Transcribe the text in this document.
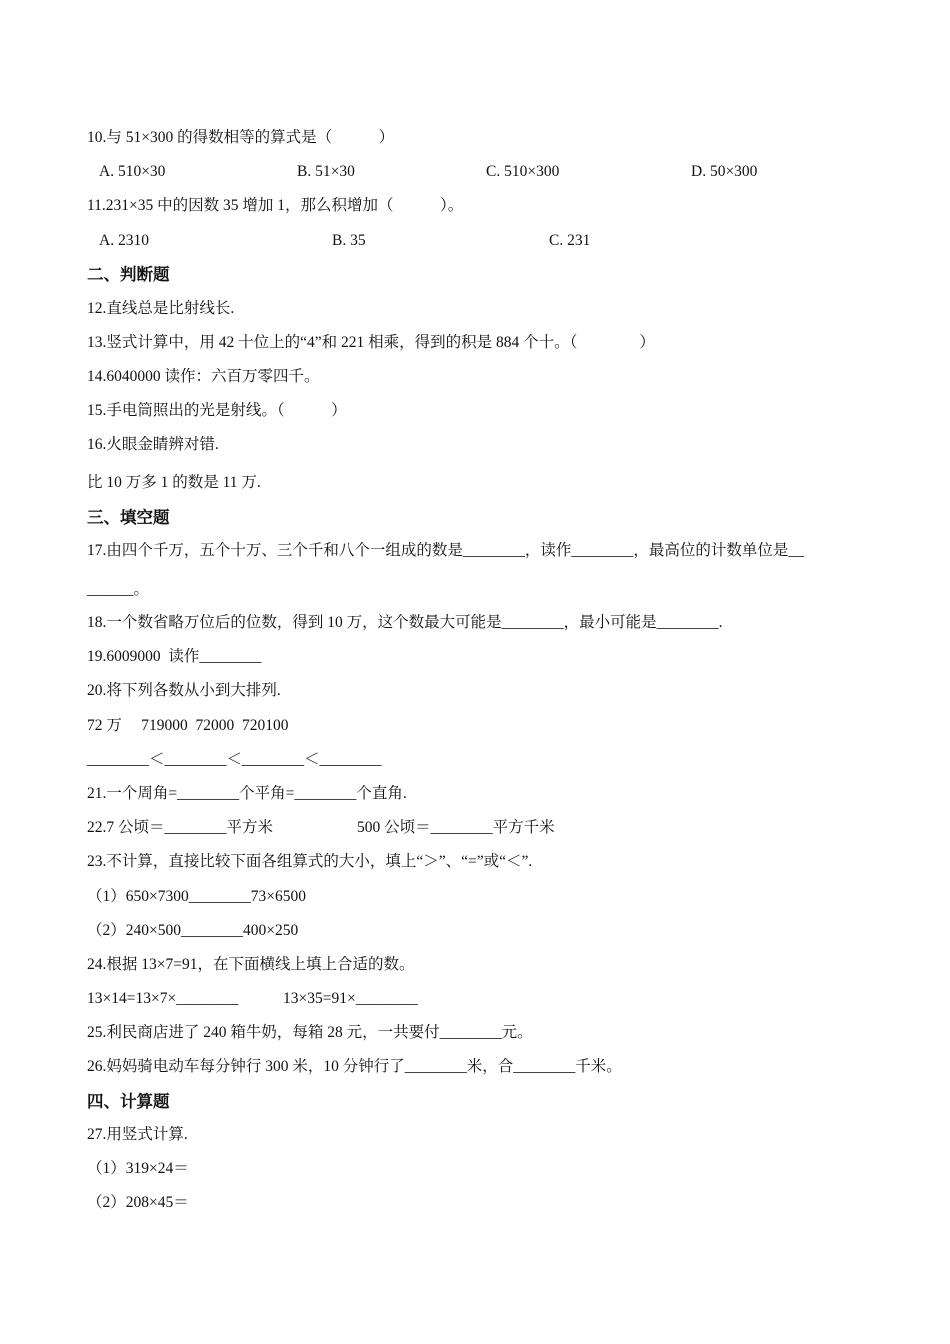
10.与 51×300 的得数相等的算式是（　　　）
A. 510×30	B. 51×30	C. 510×300	D. 50×300
11.231×35 中的因数 35 增加 1，那么积增加（　　　）。
A. 2310	B. 35	C. 231
二、判断题
12.直线总是比射线长.
13.竖式计算中，用 42 十位上的“4”和 221 相乘，得到的积是 884 个十。（　　　　）
14.6040000 读作：六百万零四千。
15.手电筒照出的光是射线。（　　　）
16.火眼金睛辨对错.
比 10 万多 1 的数是 11 万.
三、填空题
17.由四个千万，五个十万、三个千和八个一组成的数是________，读作________，最高位的计数单位是__
______。
18.一个数省略万位后的位数，得到 10 万，这个数最大可能是________，最小可能是________.
19.6009000  读作________
20.将下列各数从小到大排列.
72 万　 719000  72000  720100
________＜________＜________＜________
21.一个周角=________个平角=________个直角.
22.7 公顷＝________平方米	500 公顷＝________平方千米
23.不计算，直接比较下面各组算式的大小，填上“＞”、“=”或“＜”.
（1）650×7300________73×6500
（2）240×500________400×250
24.根据 13×7=91，在下面横线上填上合适的数。
13×14=13×7×________	13×35=91×________
25.利民商店进了 240 箱牛奶，每箱 28 元，一共要付________元。
26.妈妈骑电动车每分钟行 300 米，10 分钟行了________米，合________千米。
四、计算题
27.用竖式计算.
（1）319×24＝
（2）208×45＝
